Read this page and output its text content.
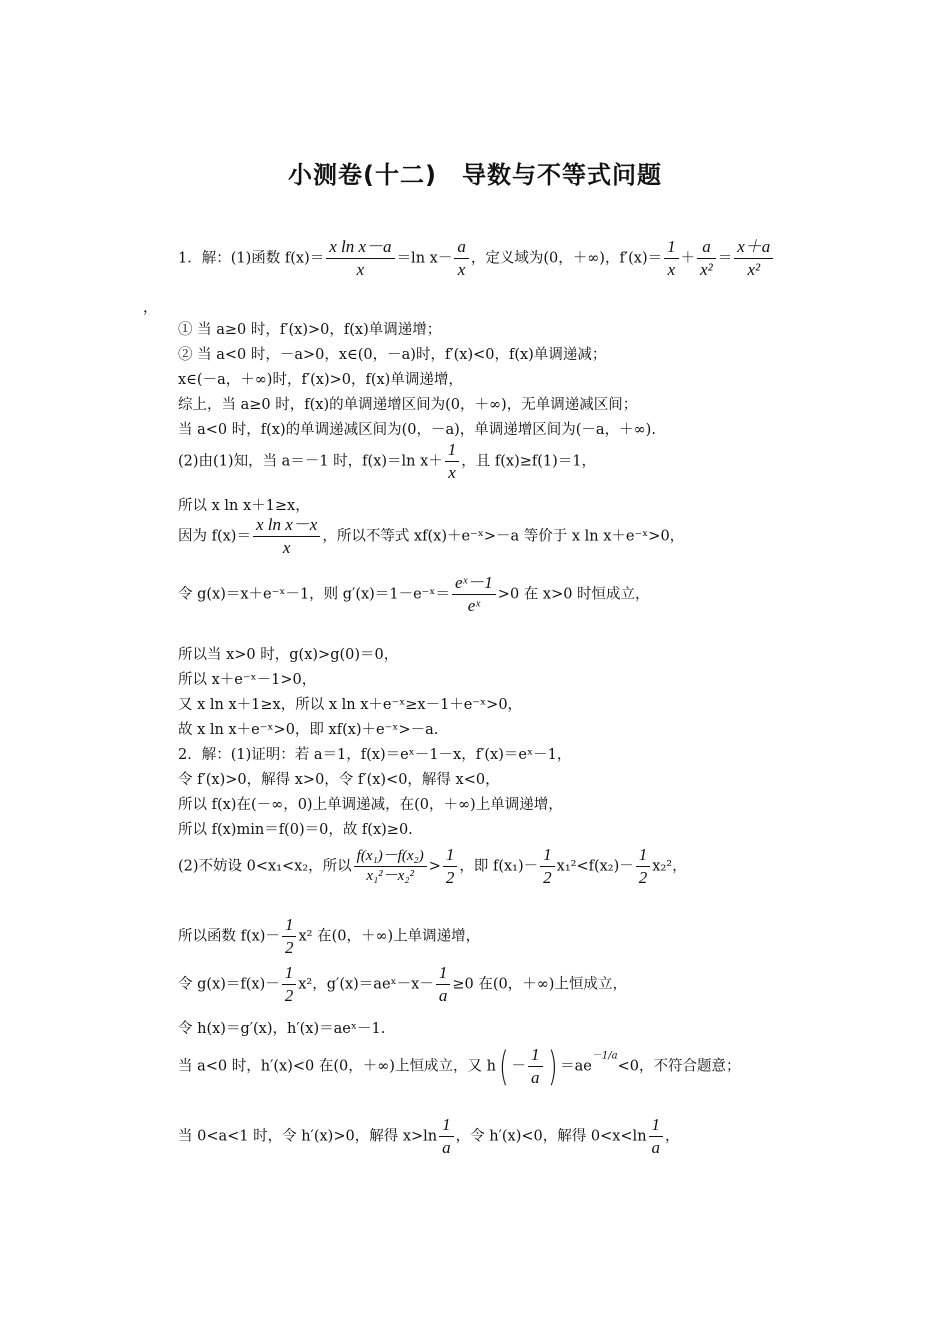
小测卷(十二)　导数与不等式问题
1．解：(1)函数 $f(x)= \frac{\text{x ln x－a}}{x} =\ln$ $x- \frac{a}{x}$ ，定义域为(0，＋∞)，$f'(x)= \frac{1}{x} + \frac{a}{\text{x²}} = \frac{x+a}{\text{x²}}$
，
① 当 a≥0 时，f′(x)>0，f(x)单调递增；
② 当 a<0 时，－a>0，x∈(0，－a)时，f′(x)<0，f(x)单调递减；
x∈(－a，＋∞)时，f′(x)>0，f(x)单调递增，
综上，当 a≥0 时，f(x)的单调递增区间为(0，＋∞)，无单调递减区间；
当 a<0 时，f(x)的单调递减区间为(0，－a)，单调递增区间为(－a，＋∞).
(2)由(1)知，当 a＝－1 时，f(x)＝ln $x+ \frac{1}{x}$ ，且 f(x)≥f(1)＝1，
所以 x ln x＋1≥x，
因为 $f(x)= \frac{\text{x ln x－x}}{x}$ ，所以不等式 xf(x)＋e⁻ˣ>－a 等价于 x ln x＋e⁻ˣ>0，
令 g(x)＝x＋e⁻ˣ－1，则 g′(x)＝1－e⁻ˣ＝ $\frac{\text{eˣ－1}}{\text{eˣ}} >0$ 在 x>0 时恒成立，
所以当 x>0 时，g(x)>g(0)＝0，
所以 x＋e⁻ˣ－1>0，
又 x ln x＋1≥x，所以 x ln x＋e⁻ˣ≥x－1＋e⁻ˣ>0，
故 x ln x＋e⁻ˣ>0，即 xf(x)＋e⁻ˣ>－a.
2．解：(1)证明：若 a＝1，f(x)＝eˣ－1－x，f′(x)＝eˣ－1，
令 f′(x)>0，解得 x>0，令 f′(x)<0，解得 x<0，
所以 f(x)在(－∞，0)上单调递减，在(0，＋∞)上单调递增，
所以 f(x)min＝f(0)＝0，故 f(x)≥0.
(2)不妨设 0<x₁<x₂，所以 $\frac{\text{f(x₁)－f(x₂)}}{\text{x₁²－x₂²}} > \frac{1}{2}$ ，即 $f(x_1)- \frac{1}{2} x_1^2<f(x_2)- \frac{1}{2} x_2^2$，
所以函数 $f(x)- \frac{1}{2} x^2$ 在(0，＋∞)上单调递增，
令 $g(x)=f(x)- \frac{1}{2} x^2$，g′(x)＝aeˣ－x－ $\frac{1}{a} \ge 0$ 在(0，＋∞)上恒成立，
令 h(x)＝g′(x)，h′(x)＝aeˣ－1.
当 a<0 时，h′(x)<0 在(0，＋∞)上恒成立，又 $h( - \frac{1}{a}$ ) $=ae^{-1/a}<0$，不符合题意；
当 0<a<1 时，令 h′(x)>0，解得 $x>\ln \frac{1}{a}$ ，令 h′(x)<0，解得 $0<x<\ln \frac{1}{a}$ ，
